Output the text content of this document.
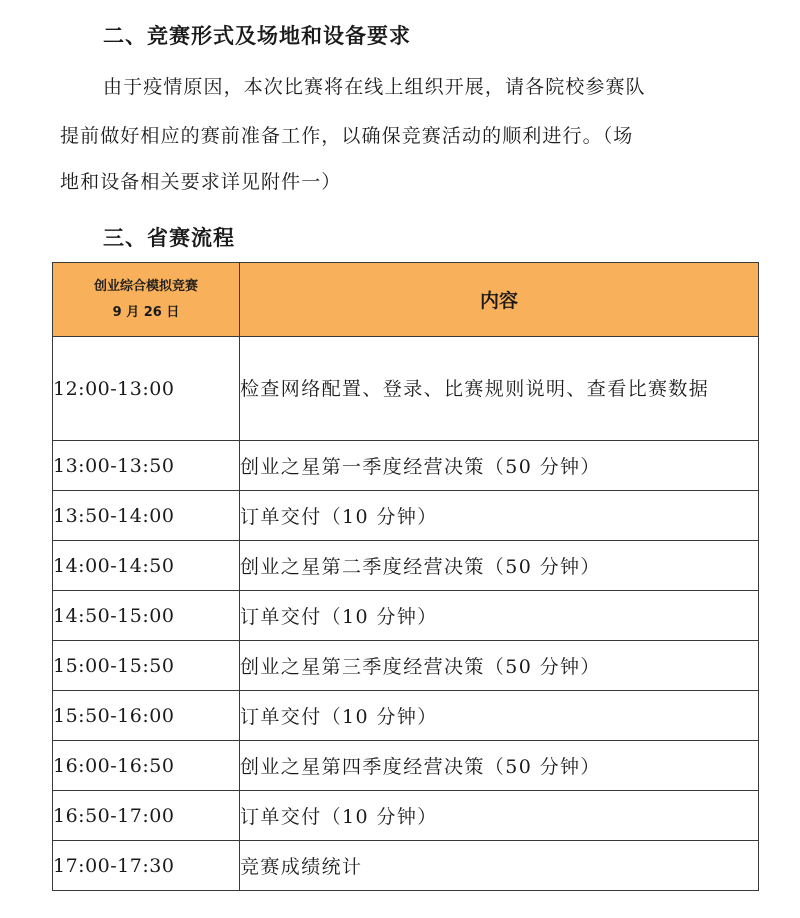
二、竞赛形式及场地和设备要求
由于疫情原因，本次比赛将在线上组织开展，请各院校参赛队
提前做好相应的赛前准备工作，以确保竞赛活动的顺利进行。（场
地和设备相关要求详见附件一）
三、省赛流程
创业综合模拟竞赛
9 月 26 日	内容
12:00-13:00	检查网络配置、登录、比赛规则说明、查看比赛数据
13:00-13:50	创业之星第一季度经营决策（50 分钟）
13:50-14:00	订单交付（10 分钟）
14:00-14:50	创业之星第二季度经营决策（50 分钟）
14:50-15:00	订单交付（10 分钟）
15:00-15:50	创业之星第三季度经营决策（50 分钟）
15:50-16:00	订单交付（10 分钟）
16:00-16:50	创业之星第四季度经营决策（50 分钟）
16:50-17:00	订单交付（10 分钟）
17:00-17:30	竞赛成绩统计
